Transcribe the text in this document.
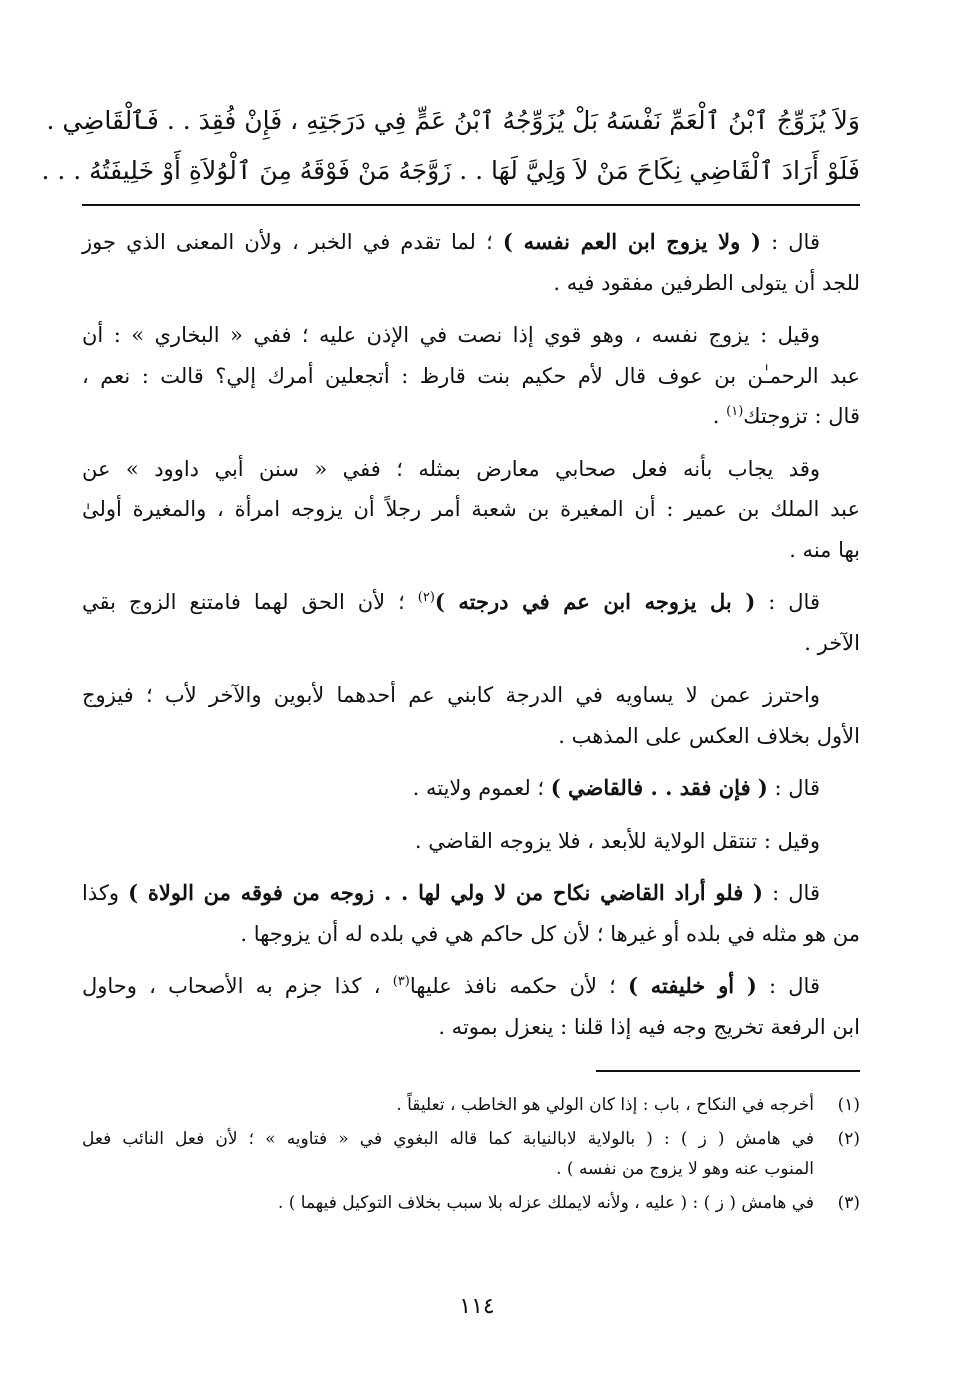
وَلاَ يُزَوِّجُ ٱبْنُ ٱلْعَمِّ نَفْسَهُ بَلْ يُزَوِّجُهُ ٱبْنُ عَمٍّ فِي دَرَجَتِهِ ، فَإِنْ فُقِدَ . . فَٱلْقَاضِي .

فَلَوْ أَرَادَ ٱلْقَاضِي نِكَاحَ مَنْ لاَ وَلِيَّ لَهَا . . زَوَّجَهُ مَنْ فَوْقَهُ مِنَ ٱلْوُلاَةِ أَوْ خَلِيفَتُهُ . . .

قال : ( ولا يزوج ابن العم نفسه ) ؛ لما تقدم في الخبر ، ولأن المعنى الذي جوز
للجد أن يتولى الطرفين مفقود فيه .
وقيل : يزوج نفسه ، وهو قوي إذا نصت في الإذن عليه ؛ ففي « البخاري » : أن
عبد الرحمـٰن بن عوف قال لأم حكيم بنت قارظ : أتجعلين أمرك إلي؟ قالت : نعم ،
قال : تزوجتك$^{(١)}$ .
وقد يجاب بأنه فعل صحابي معارض بمثله ؛ ففي « سنن أبي داوود » عن
عبد الملك بن عمير : أن المغيرة بن شعبة أمر رجلاً أن يزوجه امرأة ، والمغيرة أولىٰ
بها منه .
قال : ( بل يزوجه ابن عم في درجته )$^{(٢)}$ ؛ لأن الحق لهما فامتنع الزوج بقي
الآخر .
واحترز عمن لا يساويه في الدرجة كابني عم أحدهما لأبوين والآخر لأب ؛ فيزوج
الأول بخلاف العكس على المذهب .
قال : ( فإن فقد . . فالقاضي ) ؛ لعموم ولايته .
وقيل : تنتقل الولاية للأبعد ، فلا يزوجه القاضي .
قال : ( فلو أراد القاضي نكاح من لا ولي لها . . زوجه من فوقه من الولاة ) وكذا
من هو مثله في بلده أو غيرها ؛ لأن كل حاكم هي في بلده له أن يزوجها .
قال : ( أو خليفته ) ؛ لأن حكمه نافذ عليها$^{(٣)}$ ، كذا جزم به الأصحاب ، وحاول
ابن الرفعة تخريج وجه فيه إذا قلنا : ينعزل بموته .
(١)
أخرجه في النكاح ، باب : إذا كان الولي هو الخاطب ، تعليقاً .
(٢)
في هامش ( ز ) : ( بالولاية لابالنيابة كما قاله البغوي في « فتاويه » ؛ لأن فعل النائب فعل
المنوب عنه وهو لا يزوج من نفسه ) .
(٣)
في هامش ( ز ) : ( عليه ، ولأنه لايملك عزله بلا سبب بخلاف التوكيل فيهما ) .
١١٤
